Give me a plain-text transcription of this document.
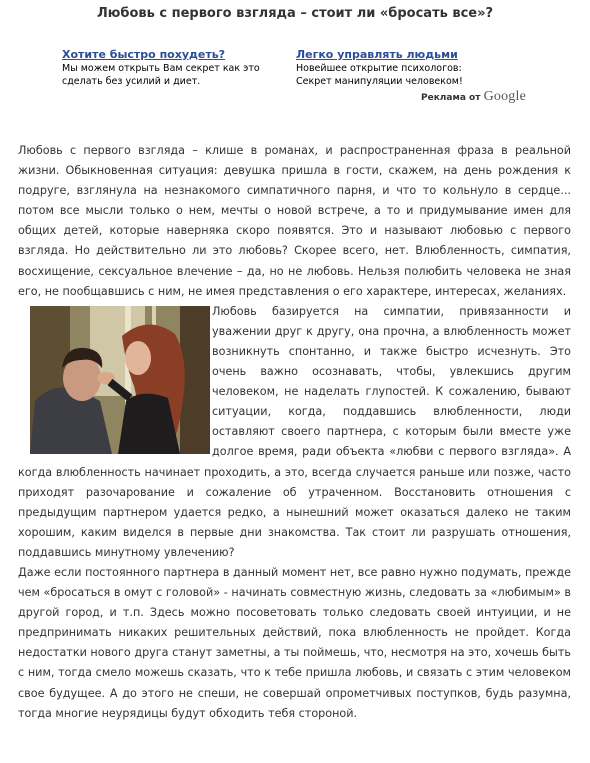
Любовь с первого взгляда – стоит ли «бросать все»?
Хотите быстро похудеть?
Мы можем открыть Вам секрет как это
сделать без усилий и диет.
Легко управлять людьми
Новейшее открытие психологов:
Секрет манипуляции человеком!
Реклама от Google

Любовь с первого взгляда – клише в романах, и распространенная фраза в реальной жизни. Обыкновенная ситуация: девушка пришла в гости, скажем, на день рождения к подруге, взглянула на незнакомого симпатичного парня, и что то кольнуло в сердце... потом все мысли только о нем, мечты о новой встрече, а то и придумывание имен для общих детей, которые наверняка скоро появятся. Это и называют любовью с первого взгляда. Но действительно ли это любовь? Скорее всего, нет. Влюбленность, симпатия, восхищение, сексуальное влечение – да, но не любовь. Нельзя полюбить человека не зная его, не пообщавшись с ним, не имея представления о его характере, интересах, желаниях.

Любовь базируется на симпатии, привязанности и уважении друг к другу, она прочна, а влюбленность может возникнуть спонтанно, и также быстро исчезнуть. Это очень важно осознавать, чтобы, увлекшись другим человеком, не наделать глупостей. К сожалению, бывают ситуации, когда, поддавшись влюбленности, люди оставляют своего партнера, с которым были вместе уже долгое время, ради объекта «любви с первого взгляда». А когда влюбленность начинает проходить, а это, всегда случается раньше или позже, часто приходят разочарование и сожаление об утраченном. Восстановить отношения с предыдущим партнером удается редко, а нынешний может оказаться далеко не таким хорошим, каким виделся в первые дни знакомства. Так стоит ли разрушать отношения, поддавшись минутному увлечению?

Даже если постоянного партнера в данный момент нет, все равно нужно подумать, прежде чем «бросаться в омут с головой» - начинать совместную жизнь, следовать за «любимым» в другой город, и т.п. Здесь можно посоветовать только следовать своей интуиции, и не предпринимать никаких решительных действий, пока влюбленность не пройдет. Когда недостатки нового друга станут заметны, а ты поймешь, что, несмотря на это, хочешь быть с ним, тогда смело можешь сказать, что к тебе пришла любовь, и связать с этим человеком свое будущее. А до этого не спеши, не совершай опрометчивых поступков, будь разумна, тогда многие неурядицы будут обходить тебя стороной.
